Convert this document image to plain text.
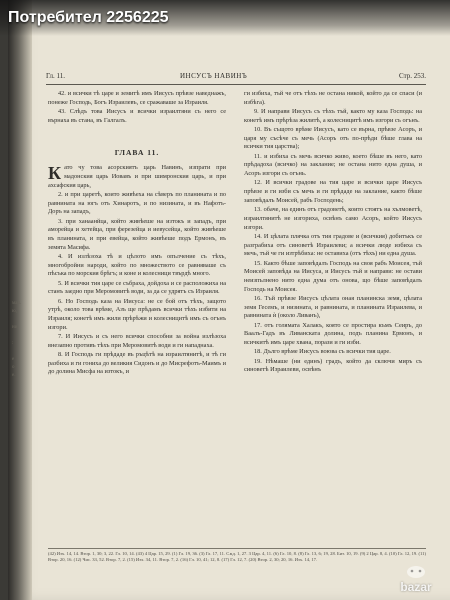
мал.
ю,

ни

:

е
о
е.
Потребител 2256225
Гл. 11.	ИНСУСЪ НАВИНЪ	Стр. 253.

42. и всички тѣ царе и земитѣ имъ Иисусъ прѣвзе наведнажъ, понеже Господь, Богъ Израилевъ, се сражаваше за Израиля.

43. Слѣдъ това Иисусъ и всички израилтяни съ него се върнаха въ стана, въ Галгалъ.

ГЛАВА 11.

Като чу това асорскиятъ царь Навинъ, изпрати при мадонския царь Иовавъ и при шимронския царь, и при ахсафския царь,

2. и при царетѣ, които живѣеха на сѣверъ по планината и по равнината на югъ отъ Хинаротъ, и по низината, и въ Нафотъ-Доръ на западъ,

3. при ханаанйца, който живѣеше на изтокъ и западъ, при аморейца и хетейца, при ферезейца и иевусейца, който живѣеше въ планината, и при евейца, който живѣеше подъ Ермонъ, въ земята Масифа.

4. И излѣзоха тѣ и цѣлото имъ опълчение съ тѣхъ, многобройни народи, който по множеството се равняваше съ пѣсъка по морския брѣгъ; и коне и колесници твърдѣ много.

5. И всички тия царе се събраха, дойдоха и се расположиха на станъ заедно при Меромовитѣ води, за да се удрятъ съ Израиля.

6. Но Господь каза на Иисуса: не се бой отъ тѣхъ, защото утрѣ, около това врѣме, Азъ ще прѣдамъ всички тѣхъ избити на Израиля; конетѣ имъ жили прѣрѣжи и колесницитѣ имъ съ огънъ изгори.

7. И Иисусъ и съ него всички способни за война излѣзоха внезапно противъ тѣхъ при Меромовитѣ води и ги нападнаха.

8. И Господь ги прѣдаде въ ръцѣтѣ на израилтянитѣ, и тѣ ги разбиха и ги гониха до великия Сидонъ и до Мисрефотъ-Маимъ и до долина Мисфа на изтокъ, и

ги избиха, тъй че отъ тѣхъ не остана никой, който да се спаси (и избѣга).

9. И направи Иисусъ съ тѣхъ тъй, както му каза Господь: на конетѣ имъ прѣрѣза жилитѣ, а колесницитѣ имъ изгори съ огънъ.

10. Въ същото врѣме Иисусъ, като се върна, прѣвзе Асоръ, и царя му съсѣче съ мечь (Асоръ отъ по-прѣди бѣше глава на всички тия царства);

11. и избиха съ мечь всичко живо, което бѣше въ него, като прѣдадоха (всичко) на заклание; не остана нито една душа, и Асоръ изгори съ огънь.

12. И всички градове на тия царе и всички царе Иисусъ прѣвзе и ги изби съ мечь и ги прѣдаде на заклание, както бѣше заповѣдалъ Моисей, рабъ Господень;

13. обаче, на единъ отъ градоветѣ, които стоятъ на хълмоветѣ, израилтянитѣ не изгориха, освѣнъ само Асоръ, който Иисусъ изгори.

14. И цѣлата плячка отъ тия градове и (всичкия) добитъкъ се разграбиха отъ синоветѣ Израилеви; а всички люде избиха съ мечь, тъй че ги изтрѣбиха: не оставиха (отъ тѣхъ) ни една душа.

15. Както бѣше заповѣдалъ Господь на своя рабъ Моисея, тъй Моисей заповѣда на Иисуса, и Иисусъ тъй и направи: не остави неизпълнено нито една дума отъ онова, що бѣше заповѣдалъ Господь на Моисея.

16. Тъй прѣвзе Иисусъ цѣлата оная планинска земя, цѣлата земя Гесемъ, и низината, и равнината, и планината Израилева, и равнината ѝ (около Ливанъ),

17. отъ голямата Халакъ, която се простира къмъ Сеиръ, до Ваалъ-Гадъ въ Ливанската долина, подъ планина Ермонъ, и всичкитѣ имъ царе хвана, порази и ги изби.

18. Дълго врѣме Иисусъ воюва съ всички тия царе.

19. Нѣмаше (ни единъ) градъ, който да сключи миръ съ синоветѣ Израилеви, освѣнъ

(42) Изх. 14, 14. Втор. 1, 30; 3, 22. Гл. 10, 14. (43) 4 Цар. 15, 29. (1) Гл. 19, 36. (3) Гл. 17, 11. Сѫд. 1, 27. 3 Цар. 4, 11. (6) Гл. 10, 8. (8) Гл. 13, 6; 19, 28. Бит. 10, 19. (9) 2 Цар. 8, 4. (10) Гл. 12, 19. (11) Втор. 20, 16. (12) Чис. 33, 52. Втор. 7, 2. (15) Изх. 34, 11. Втор. 7, 2. (16) Гл. 10, 41; 12, 8. (17) Гл. 12, 7. (20) Втор. 2, 30; 20, 16. Изх. 14, 17.
bazar
